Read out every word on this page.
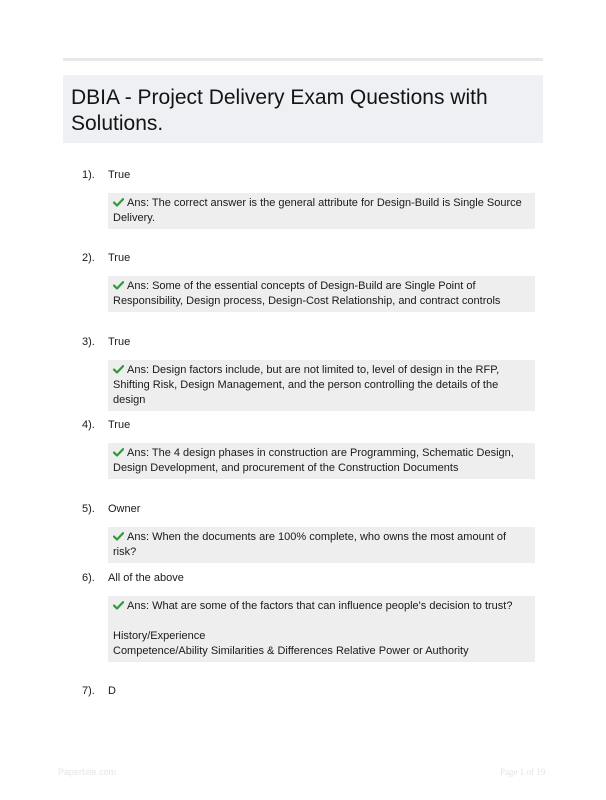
DBIA - Project Delivery Exam Questions with Solutions.
1). True
Ans: The correct answer is the general attribute for Design-Build is Single Source Delivery.
2). True
Ans: Some of the essential concepts of Design-Build are Single Point of Responsibility, Design process, Design-Cost Relationship, and contract controls
3). True
Ans: Design factors include, but are not limited to, level of design in the RFP, Shifting Risk, Design Management, and the person controlling the details of the design
4). True
Ans: The 4 design phases in construction are Programming, Schematic Design, Design Development, and procurement of the Construction Documents
5). Owner
Ans: When the documents are 100% complete, who owns the most amount of risk?
6). All of the above
Ans: What are some of the factors that can influence people's decision to trust?
History/Experience
Competence/Ability Similarities & Differences Relative Power or Authority
7). D
Paperbite.com	Page 1 of 19
